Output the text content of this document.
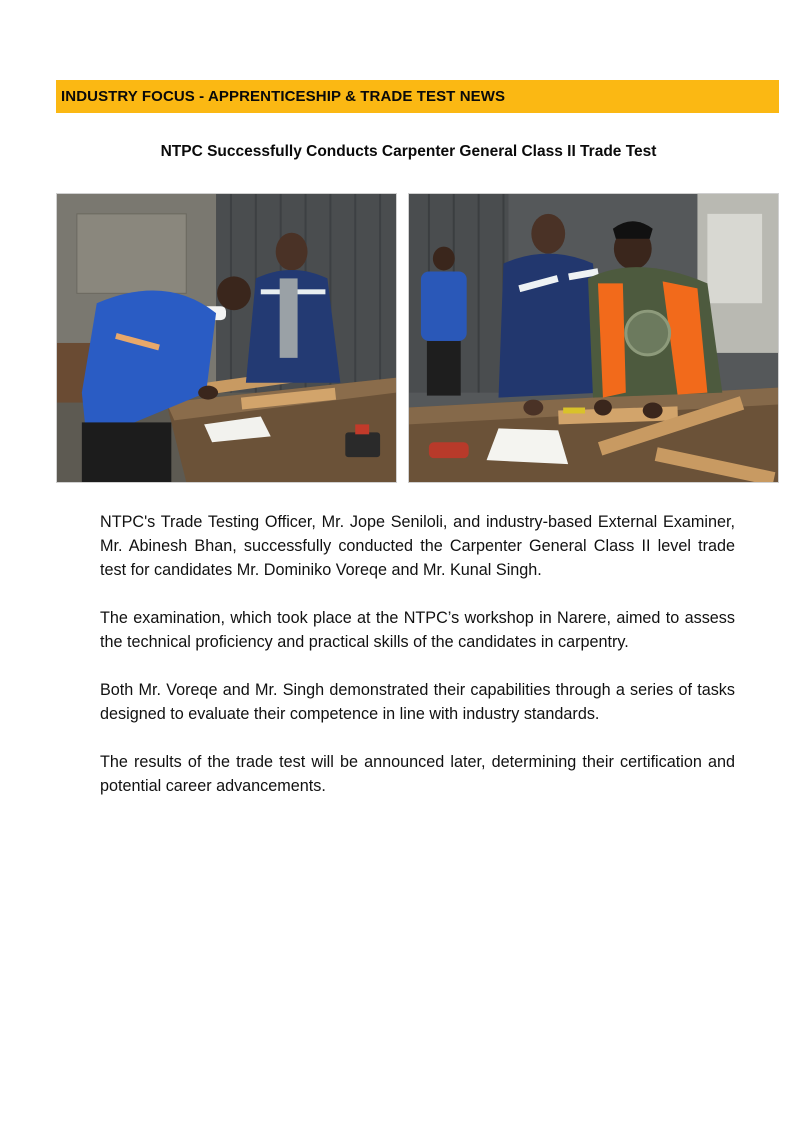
INDUSTRY FOCUS - APPRENTICESHIP & TRADE TEST NEWS
NTPC Successfully Conducts Carpenter General Class II Trade Test

NTPC's Trade Testing Officer, Mr. Jope Seniloli, and industry-based External Examiner, Mr. Abinesh Bhan, successfully conducted the Carpenter General Class II level trade test for candidates Mr. Dominiko Voreqe and Mr. Kunal Singh.

The examination, which took place at the NTPC’s workshop in Narere, aimed to assess the technical proficiency and practical skills of the candidates in carpentry.

Both Mr. Voreqe and Mr. Singh demonstrated their capabilities through a series of tasks designed to evaluate their competence in line with industry standards.

The results of the trade test will be announced later, determining their certification and potential career advancements.
